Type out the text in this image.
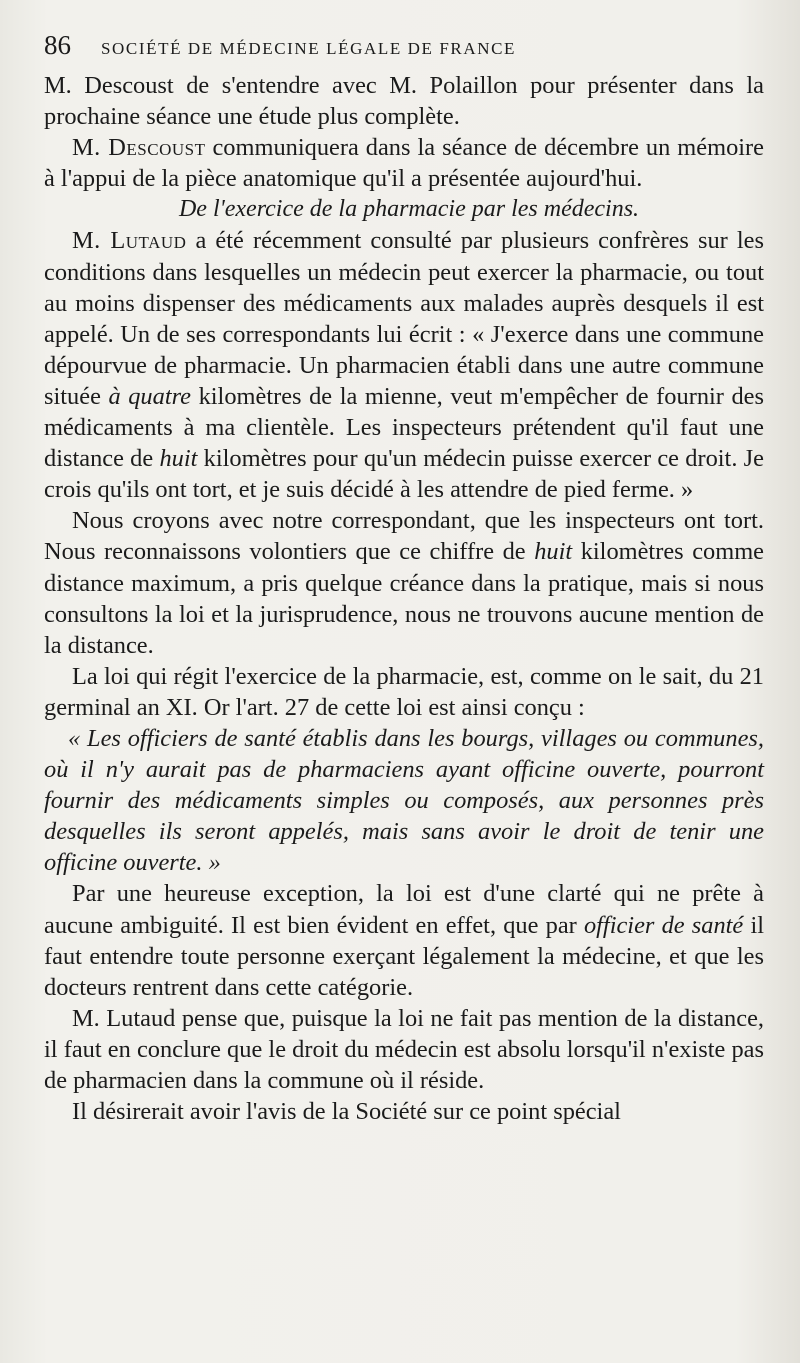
86 SOCIÉTÉ DE MÉDECINE LÉGALE DE FRANCE

M. Descoust de s'entendre avec M. Polaillon pour présenter dans la prochaine séance une étude plus complète.

M. Descoust communiquera dans la séance de décembre un mémoire à l'appui de la pièce anatomique qu'il a présentée aujourd'hui.

De l'exercice de la pharmacie par les médecins.

M. Lutaud a été récemment consulté par plusieurs confrères sur les conditions dans lesquelles un médecin peut exercer la pharmacie, ou tout au moins dispenser des médicaments aux malades auprès desquels il est appelé. Un de ses correspondants lui écrit : « J'exerce dans une commune dépourvue de pharmacie. Un pharmacien établi dans une autre commune située à quatre kilomètres de la mienne, veut m'empêcher de fournir des médicaments à ma clientèle. Les inspecteurs prétendent qu'il faut une distance de huit kilomètres pour qu'un médecin puisse exercer ce droit. Je crois qu'ils ont tort, et je suis décidé à les attendre de pied ferme. »

Nous croyons avec notre correspondant, que les inspecteurs ont tort. Nous reconnaissons volontiers que ce chiffre de huit kilomètres comme distance maximum, a pris quelque créance dans la pratique, mais si nous consultons la loi et la jurisprudence, nous ne trouvons aucune mention de la distance.

La loi qui régit l'exercice de la pharmacie, est, comme on le sait, du 21 germinal an XI. Or l'art. 27 de cette loi est ainsi conçu :

« Les officiers de santé établis dans les bourgs, villages ou communes, où il n'y aurait pas de pharmaciens ayant officine ouverte, pourront fournir des médicaments simples ou composés, aux personnes près desquelles ils seront appelés, mais sans avoir le droit de tenir une officine ouverte. »

Par une heureuse exception, la loi est d'une clarté qui ne prête à aucune ambiguité. Il est bien évident en effet, que par officier de santé il faut entendre toute personne exerçant légalement la médecine, et que les docteurs rentrent dans cette catégorie.

M. Lutaud pense que, puisque la loi ne fait pas mention de la distance, il faut en conclure que le droit du médecin est absolu lorsqu'il n'existe pas de pharmacien dans la commune où il réside.

Il désirerait avoir l'avis de la Société sur ce point spécial
